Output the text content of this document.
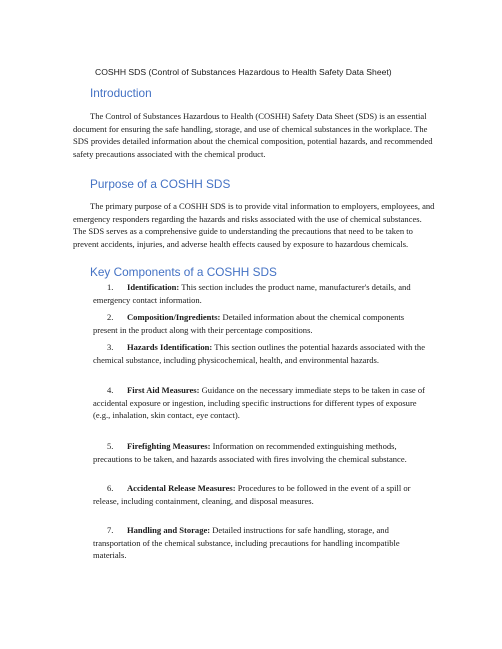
COSHH SDS (Control of Substances Hazardous to Health Safety Data Sheet)
Introduction

The Control of Substances Hazardous to Health (COSHH) Safety Data Sheet (SDS) is an essential document for ensuring the safe handling, storage, and use of chemical substances in the workplace. The SDS provides detailed information about the chemical composition, potential hazards, and recommended safety precautions associated with the chemical product.

Purpose of a COSHH SDS

The primary purpose of a COSHH SDS is to provide vital information to employers, employees, and emergency responders regarding the hazards and risks associated with the use of chemical substances. The SDS serves as a comprehensive guide to understanding the precautions that need to be taken to prevent accidents, injuries, and adverse health effects caused by exposure to hazardous chemicals.

Key Components of a COSHH SDS

1. Identification: This section includes the product name, manufacturer's details, and emergency contact information.

2. Composition/Ingredients: Detailed information about the chemical components present in the product along with their percentage compositions.

3. Hazards Identification: This section outlines the potential hazards associated with the chemical substance, including physicochemical, health, and environmental hazards.

4. First Aid Measures: Guidance on the necessary immediate steps to be taken in case of accidental exposure or ingestion, including specific instructions for different types of exposure (e.g., inhalation, skin contact, eye contact).

5. Firefighting Measures: Information on recommended extinguishing methods, precautions to be taken, and hazards associated with fires involving the chemical substance.

6. Accidental Release Measures: Procedures to be followed in the event of a spill or release, including containment, cleaning, and disposal measures.

7. Handling and Storage: Detailed instructions for safe handling, storage, and transportation of the chemical substance, including precautions for handling incompatible materials.
